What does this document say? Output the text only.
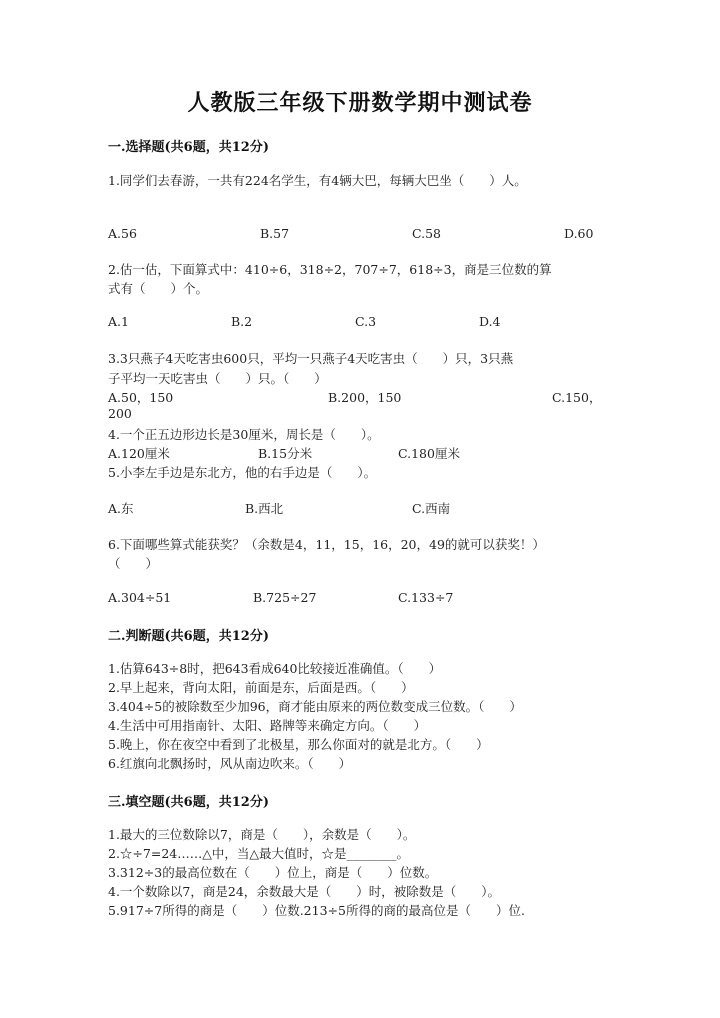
人教版三年级下册数学期中测试卷
一.选择题(共6题，共12分)
1.同学们去春游，一共有224名学生，有4辆大巴，每辆大巴坐（　　）人。
A.56	B.57	C.58	D.60
2.估一估，下面算式中：410÷6，318÷2，707÷7，618÷3，商是三位数的算
式有（　　）个。
A.1	B.2	C.3	D.4
3.3只燕子4天吃害虫600只，平均一只燕子4天吃害虫（　　）只，3只燕
子平均一天吃害虫（　　）只。（　　）
A.50，150	B.200，150	C.150，
200
4.一个正五边形边长是30厘米，周长是（　　）。
A.120厘米	B.15分米	C.180厘米
5.小李左手边是东北方，他的右手边是（　　）。
A.东	B.西北	C.西南
6.下面哪些算式能获奖？（余数是4，11，15，16，20，49的就可以获奖！）
（　　）
A.304÷51	B.725÷27	C.133÷7
二.判断题(共6题，共12分)
1.估算643÷8时，把643看成640比较接近准确值。（　　）
2.早上起来，背向太阳，前面是东，后面是西。（　　）
3.404÷5的被除数至少加96，商才能由原来的两位数变成三位数。（　　）
4.生活中可用指南针、太阳、路牌等来确定方向。（　　）
5.晚上，你在夜空中看到了北极星，那么你面对的就是北方。（　　）
6.红旗向北飘扬时，风从南边吹来。（　　）
三.填空题(共6题，共12分)
1.最大的三位数除以7，商是（　　），余数是（　　）。
2.☆÷7=24……△中，当△最大值时，☆是________。
3.312÷3的最高位数在（　　）位上，商是（　　）位数。
4.一个数除以7，商是24，余数最大是（　　）时，被除数是（　　）。
5.917÷7所得的商是（　　）位数.213÷5所得的商的最高位是（　　）位.
